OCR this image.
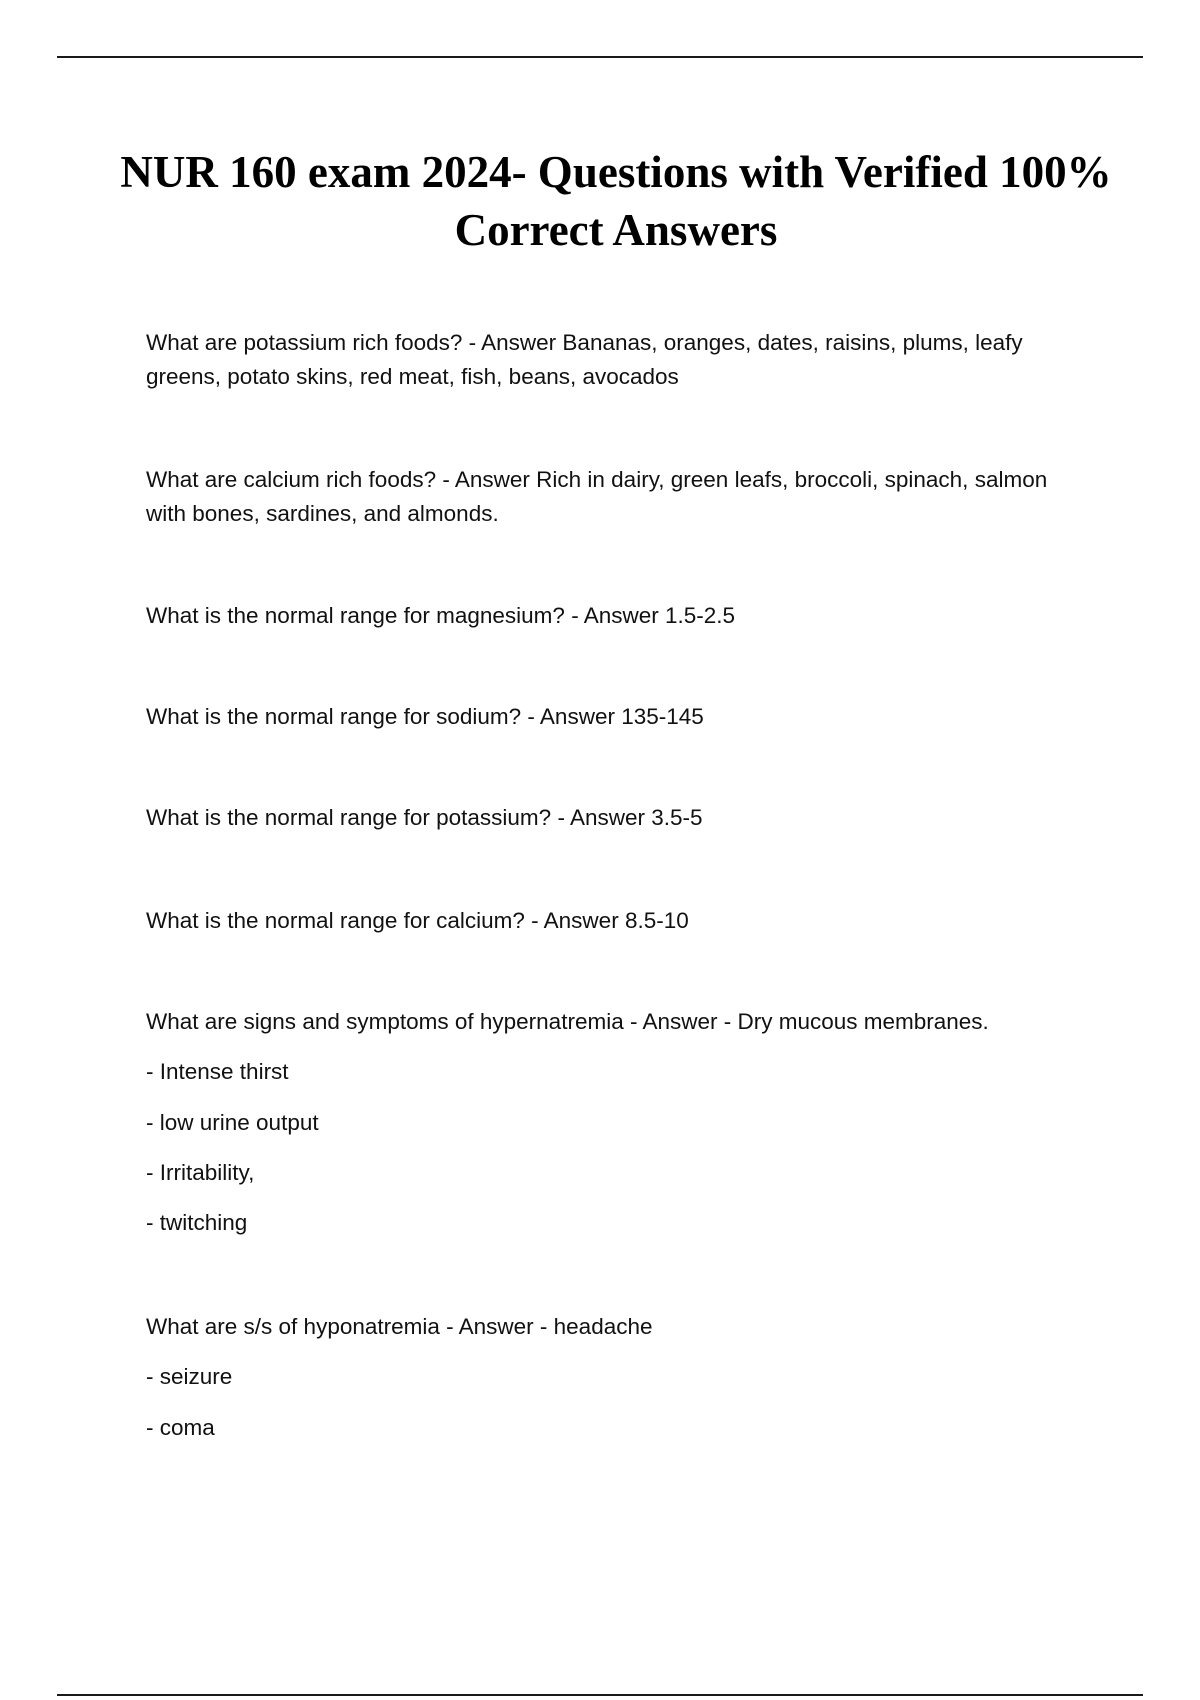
NUR 160 exam 2024- Questions with Verified 100% Correct Answers

What are potassium rich foods? - Answer Bananas, oranges, dates, raisins, plums, leafy greens, potato skins, red meat, fish, beans, avocados

What are calcium rich foods? - Answer Rich in dairy, green leafs, broccoli, spinach, salmon with bones, sardines, and almonds.

What is the normal range for magnesium? - Answer 1.5-2.5

What is the normal range for sodium? - Answer 135-145

What is the normal range for potassium? - Answer 3.5-5

What is the normal range for calcium? - Answer 8.5-10

What are signs and symptoms of hypernatremia - Answer - Dry mucous membranes.

- Intense thirst

- low urine output

- Irritability,

- twitching

What are s/s of hyponatremia - Answer - headache

- seizure

- coma
